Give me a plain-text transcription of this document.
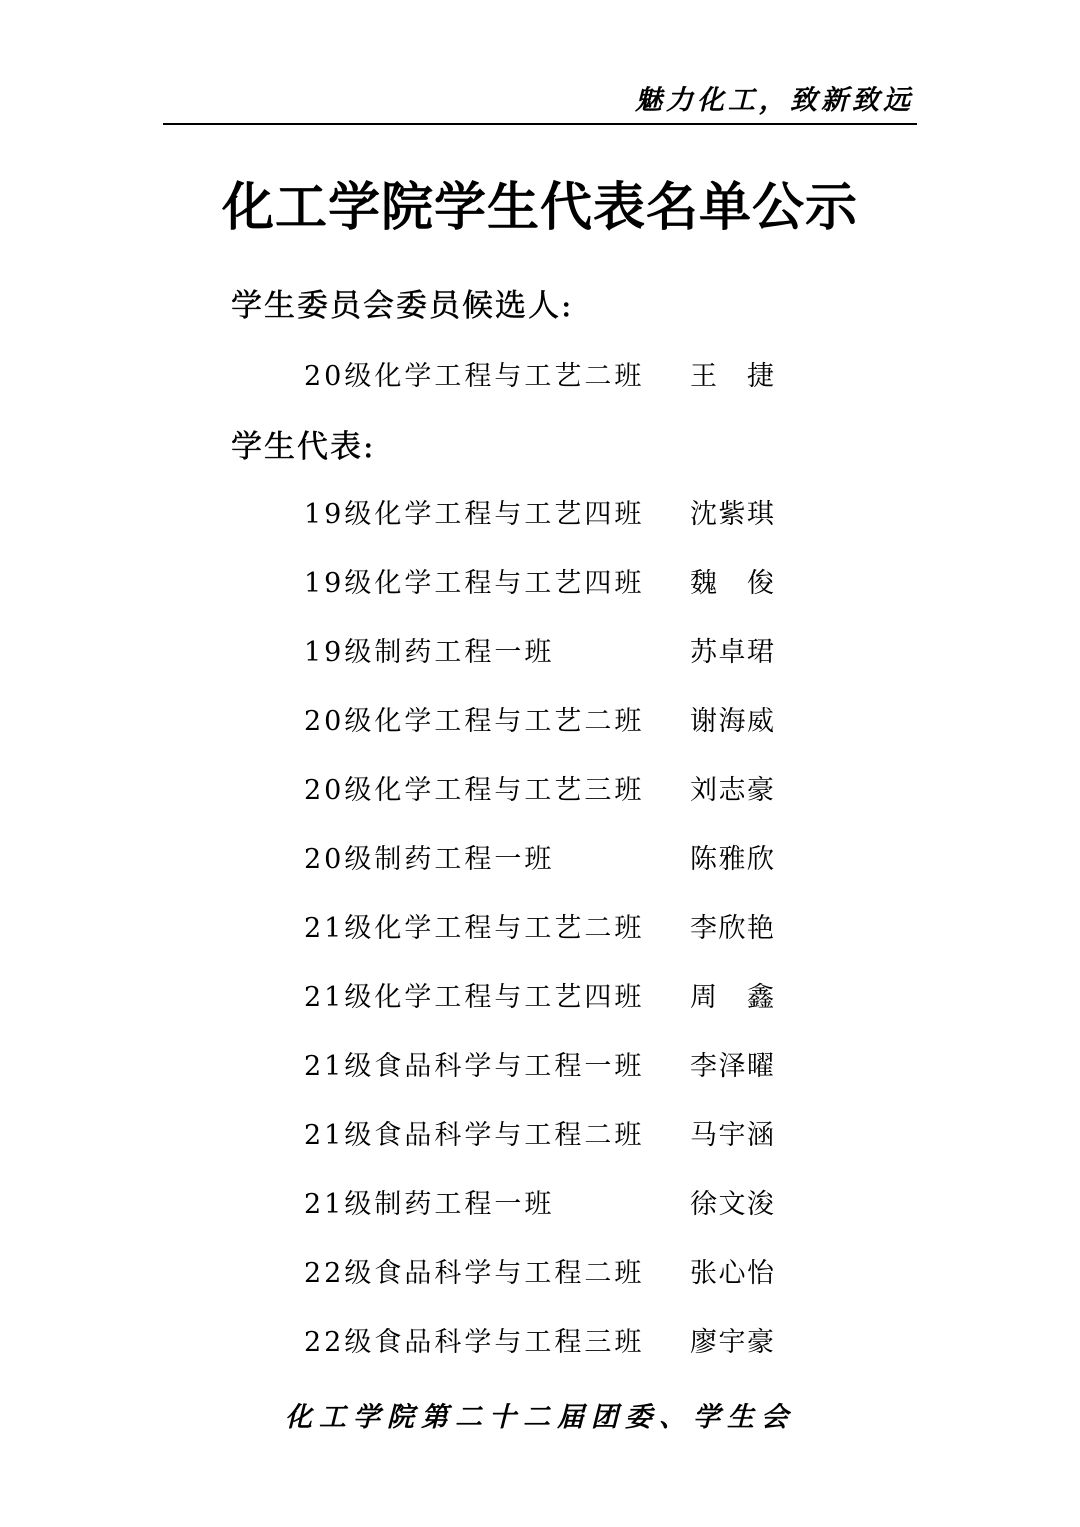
魅力化工，致新致远
化工学院学生代表名单公示
学生委员会委员候选人:
20级化学工程与工艺二班 王　捷
学生代表:
19级化学工程与工艺四班 沈紫琪
19级化学工程与工艺四班 魏　俊
19级制药工程一班	苏卓珺
20级化学工程与工艺二班 谢海威
20级化学工程与工艺三班 刘志豪
20级制药工程一班	陈雅欣
21级化学工程与工艺二班 李欣艳
21级化学工程与工艺四班 周　鑫
21级食品科学与工程一班 李泽曜
21级食品科学与工程二班 马宇涵
21级制药工程一班	徐文浚
22级食品科学与工程二班 张心怡
22级食品科学与工程三班 廖宇豪
化工学院第二十二届团委、学生会
